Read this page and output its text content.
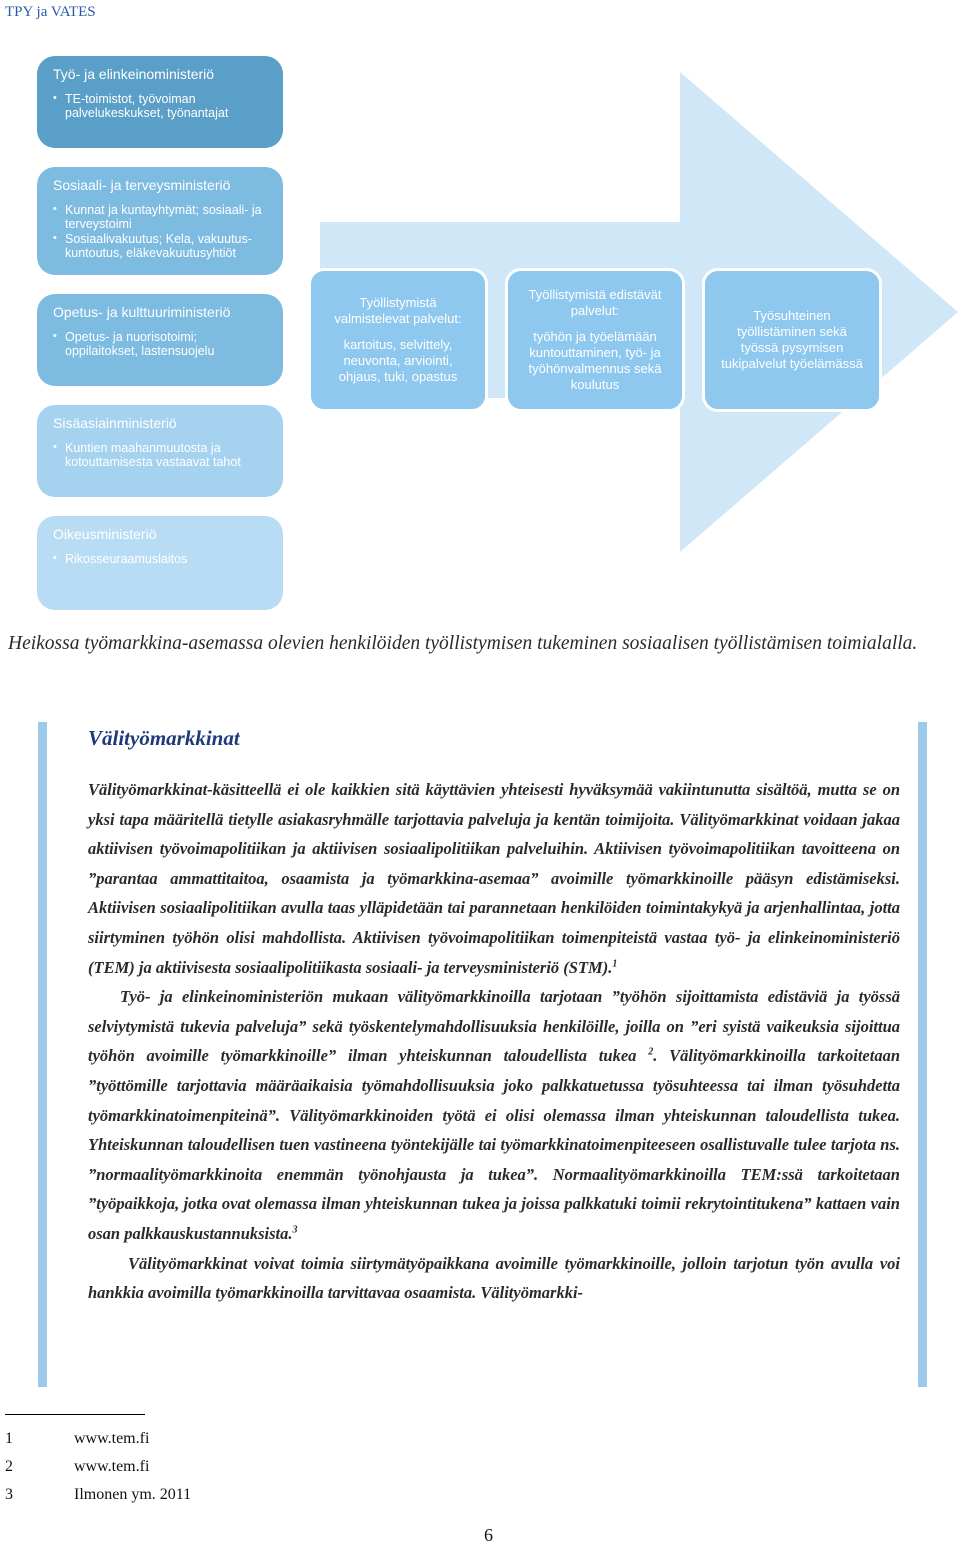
TPY ja VATES
Työ- ja elinkeinoministeriö
• TE-toimistot, työvoiman palvelukeskukset, työnantajat
Sosiaali- ja terveysministeriö
• Kunnat ja kuntayhtymät; sosiaali- ja terveystoimi
• Sosiaalivakuutus; Kela, vakuutus-kuntoutus, eläkevakuutusyhtiöt
Opetus- ja kulttuuriministeriö
• Opetus- ja nuorisotoimi; oppilaitokset, lastensuojelu
Sisäasiainministeriö
• Kuntien maahanmuutosta ja kotouttamisesta vastaavat tahot
Oikeusministeriö
• Rikosseuraamuslaitos
Työllistymistä valmistelevat palvelut:
kartoitus, selvittely, neuvonta, arviointi, ohjaus, tuki, opastus
Työllistymistä edistävät palvelut:
työhön ja työelämään kuntouttaminen, työ- ja työhönvalmennus sekä koulutus
Työsuhteinen työllistäminen sekä työssä pysymisen tukipalvelut työelämässä
Heikossa työmarkkina-asemassa olevien henkilöiden työllistymisen tukeminen sosiaalisen työllistämisen toimialalla.
Välityömarkkinat

Välityömarkkinat-käsitteellä ei ole kaikkien sitä käyttävien yhteisesti hyväksymää vakiintunutta sisältöä, mutta se on yksi tapa määritellä tietylle asiakasryhmälle tarjottavia palveluja ja kentän toimijoita. Välityömarkkinat voidaan jakaa aktiivisen työvoimapolitiikan ja aktiivisen sosiaalipolitiikan palveluihin. Aktiivisen työvoimapolitiikan tavoitteena on ”parantaa ammattitaitoa, osaamista ja työmarkkina-asemaa” avoimille työmarkkinoille pääsyn edistämiseksi. Aktiivisen sosiaalipolitiikan avulla taas ylläpidetään tai parannetaan henkilöiden toimintakykyä ja arjenhallintaa, jotta siirtyminen työhön olisi mahdollista. Aktiivisen työvoimapolitiikan toimenpiteistä vastaa työ- ja elinkeinoministeriö (TEM) ja aktiivisesta sosiaalipolitiikasta sosiaali- ja terveysministeriö (STM).$^1$

Työ- ja elinkeinoministeriön mukaan välityömarkkinoilla tarjotaan ”työhön sijoittamista edistäviä ja työssä selviytymistä tukevia palveluja” sekä työskentelymahdollisuuksia henkilöille, joilla on ”eri syistä vaikeuksia sijoittua työhön avoimille työmarkkinoille” ilman yhteiskunnan taloudellista tukea $^2$. Välityömarkkinoilla tarkoitetaan ”työttömille tarjottavia määräaikaisia työmahdollisuuksia joko palkkatuetussa työsuhteessa tai ilman työsuhdetta työmarkkinatoimenpiteinä”. Välityömarkkinoiden työtä ei olisi olemassa ilman yhteiskunnan taloudellista tukea. Yhteiskunnan taloudellisen tuen vastineena työntekijälle tai työmarkkinatoimenpiteeseen osallistuvalle tulee tarjota ns. ”normaalityömarkkinoita enemmän työnohjausta ja tukea”. Normaalityömarkkinoilla TEM:ssä tarkoitetaan ”työpaikkoja, jotka ovat olemassa ilman yhteiskunnan tukea ja joissa palkkatuki toimii rekrytointitukena” kattaen vain osan palkkauskustannuksista.$^3$

Välityömarkkinat voivat toimia siirtymätyöpaikkana avoimille työmarkkinoille, jolloin tarjotun työn avulla voi hankkia avoimilla työmarkkinoilla tarvittavaa osaamista. Välityömarkki-

1	www.tem.fi
2	www.tem.fi
3	Ilmonen ym. 2011
6
